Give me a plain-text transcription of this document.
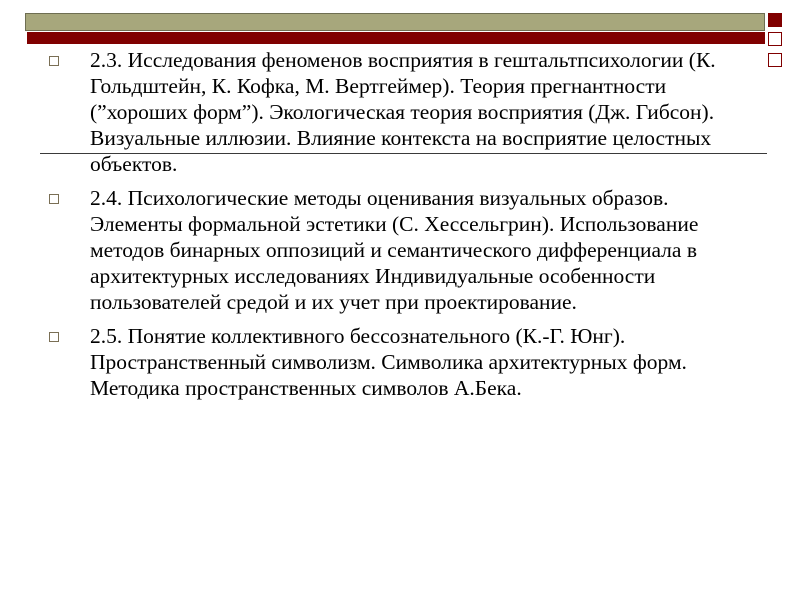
2.3. Исследования феноменов восприятия в гештальтпсихологии (К. Гольдштейн, К. Кофка, М. Вертгеймер). Теория прегнантности (”хороших форм”). Экологическая теория восприятия (Дж. Гибсон). Визуальные иллюзии. Влияние контекста на восприятие целостных объектов.
2.4. Психологические методы оценивания визуальных образов. Элементы формальной эстетики (С. Хессельгрин). Использование методов бинарных оппозиций и семантического дифференциала в архитектурных исследованиях Индивидуальные особенности пользователей средой и их учет при проектирование.
2.5. Понятие коллективного бессознательного (К.-Г. Юнг). Пространственный символизм. Символика архитектурных форм. Методика пространственных символов А.Бека.
